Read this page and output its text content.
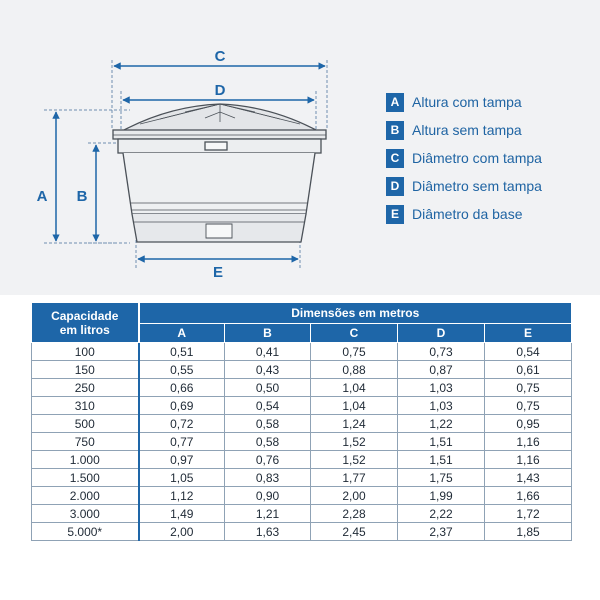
C
D
E
A B
A Altura com tampa
B Altura sem tampa
C Diâmetro com tampa
D Diâmetro sem tampa
E Diâmetro da base
Capacidade
em litros	Dimensões em metros				
	A	B	C	D	E
100	0,51	0,41	0,75	0,73	0,54
150	0,55	0,43	0,88	0,87	0,61
250	0,66	0,50	1,04	1,03	0,75
310	0,69	0,54	1,04	1,03	0,75
500	0,72	0,58	1,24	1,22	0,95
750	0,77	0,58	1,52	1,51	1,16
1.000	0,97	0,76	1,52	1,51	1,16
1.500	1,05	0,83	1,77	1,75	1,43
2.000	1,12	0,90	2,00	1,99	1,66
3.000	1,49	1,21	2,28	2,22	1,72
5.000*	2,00	1,63	2,45	2,37	1,85
